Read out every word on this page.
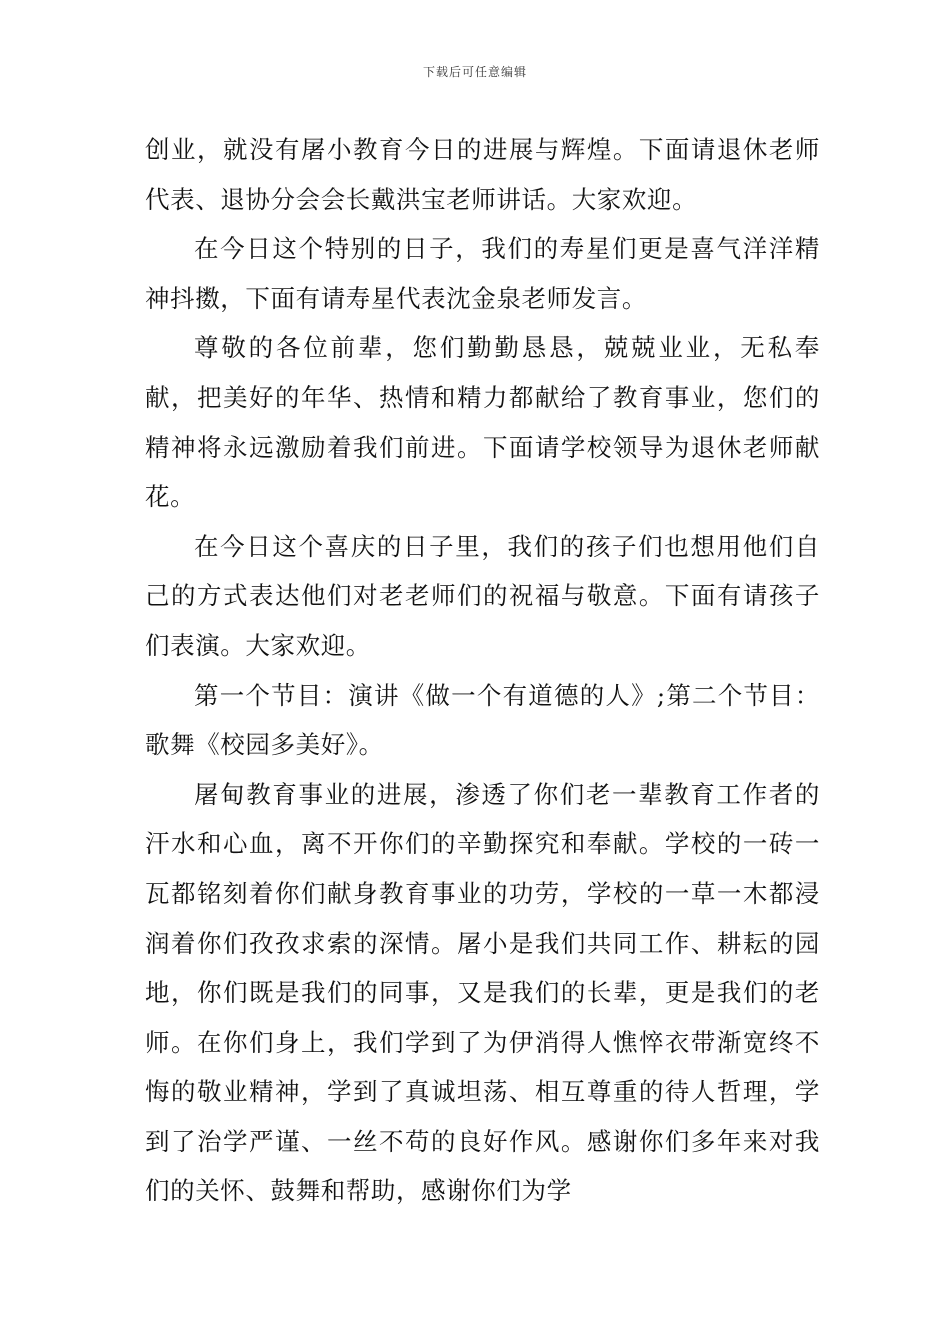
下载后可任意编辑

创业，就没有屠小教育今日的进展与辉煌。下面请退休老师代表、退协分会会长戴洪宝老师讲话。大家欢迎。

在今日这个特别的日子，我们的寿星们更是喜气洋洋精神抖擞，下面有请寿星代表沈金泉老师发言。

尊敬的各位前辈，您们勤勤恳恳，兢兢业业，无私奉献，把美好的年华、热情和精力都献给了教育事业，您们的精神将永远激励着我们前进。下面请学校领导为退休老师献花。

在今日这个喜庆的日子里，我们的孩子们也想用他们自己的方式表达他们对老老师们的祝福与敬意。下面有请孩子们表演。大家欢迎。

第一个节目：演讲《做一个有道德的人》;第二个节目：歌舞《校园多美好》。

屠甸教育事业的进展，渗透了你们老一辈教育工作者的汗水和心血，离不开你们的辛勤探究和奉献。学校的一砖一瓦都铭刻着你们献身教育事业的功劳，学校的一草一木都浸润着你们孜孜求索的深情。屠小是我们共同工作、耕耘的园地，你们既是我们的同事，又是我们的长辈，更是我们的老师。在你们身上，我们学到了为伊消得人憔悴衣带渐宽终不悔的敬业精神，学到了真诚坦荡、相互尊重的待人哲理，学到了治学严谨、一丝不苟的良好作风。感谢你们多年来对我们的关怀、鼓舞和帮助，感谢你们为学
